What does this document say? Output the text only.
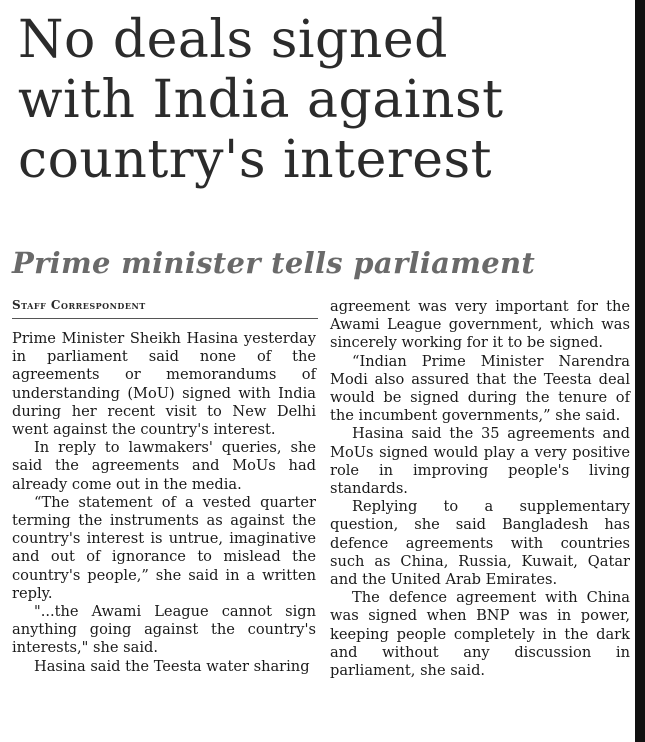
No deals signed
with India against
country's interest
Prime minister tells parliament
Staff Correspondent

Prime Minister Sheikh Hasina yesterday in parliament said none of the agreements or memorandums of understanding (MoU) signed with India during her recent visit to New Delhi went against the country's interest.

In reply to lawmakers' queries, she said the agreements and MoUs had already come out in the media.

“The statement of a vested quarter terming the instruments as against the country's interest is untrue, imaginative and out of ignorance to mislead the country's people,” she said in a written reply.

"...the Awami League cannot sign anything going against the country's interests," she said.

Hasina said the Teesta water sharing

agreement was very important for the Awami League government, which was sincerely working for it to be signed.

“Indian Prime Minister Narendra Modi also assured that the Teesta deal would be signed during the tenure of the incumbent governments,” she said.

Hasina said the 35 agreements and MoUs signed would play a very positive role in improving people's living standards.

Replying to a supplementary question, she said Bangladesh has defence agreements with countries such as China, Russia, Kuwait, Qatar and the United Arab Emirates.

The defence agreement with China was signed when BNP was in power, keeping people completely in the dark and without any discussion in parliament, she said.
